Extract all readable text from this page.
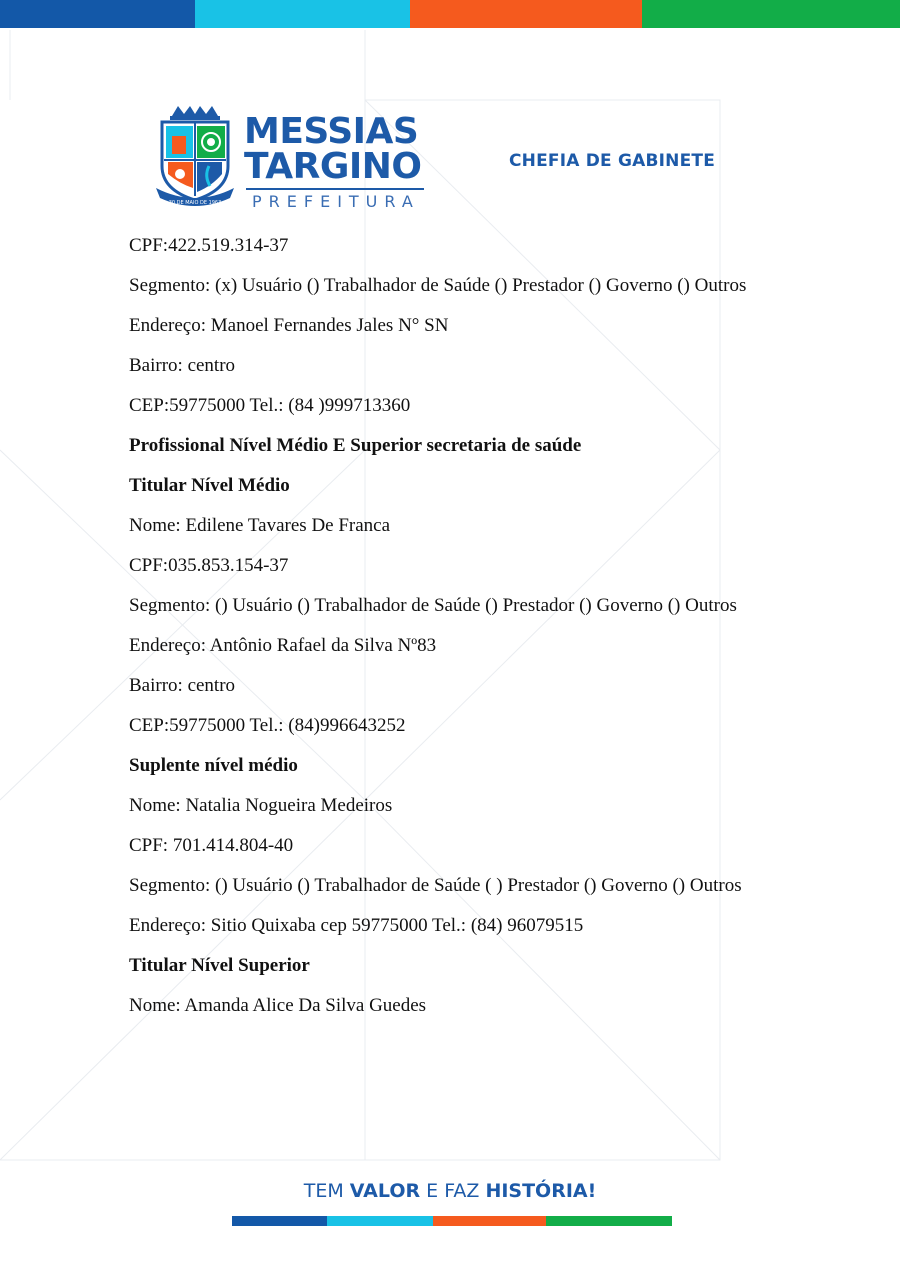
30 DE MAIO DE 1963
MESSIAS
TARGINO
PREFEITURA
CHEFIA DE GABINETE

CPF:422.519.314-37

Segmento: (x) Usuário () Trabalhador de Saúde () Prestador () Governo () Outros

Endereço: Manoel Fernandes Jales N° SN

Bairro: centro

CEP:59775000 Tel.: (84 )999713360

Profissional Nível Médio E Superior secretaria de saúde

Titular Nível Médio

Nome: Edilene Tavares De Franca

CPF:035.853.154-37

Segmento: () Usuário () Trabalhador de Saúde () Prestador () Governo () Outros

Endereço: Antônio Rafael da Silva Nº83

Bairro: centro

CEP:59775000 Tel.: (84)996643252

Suplente nível médio

Nome: Natalia Nogueira Medeiros

CPF: 701.414.804-40

Segmento: () Usuário () Trabalhador de Saúde ( ) Prestador () Governo () Outros

Endereço: Sitio Quixaba cep 59775000 Tel.: (84) 96079515

Titular Nível Superior

Nome: Amanda Alice Da Silva Guedes

TEM VALOR E FAZ HISTÓRIA!
